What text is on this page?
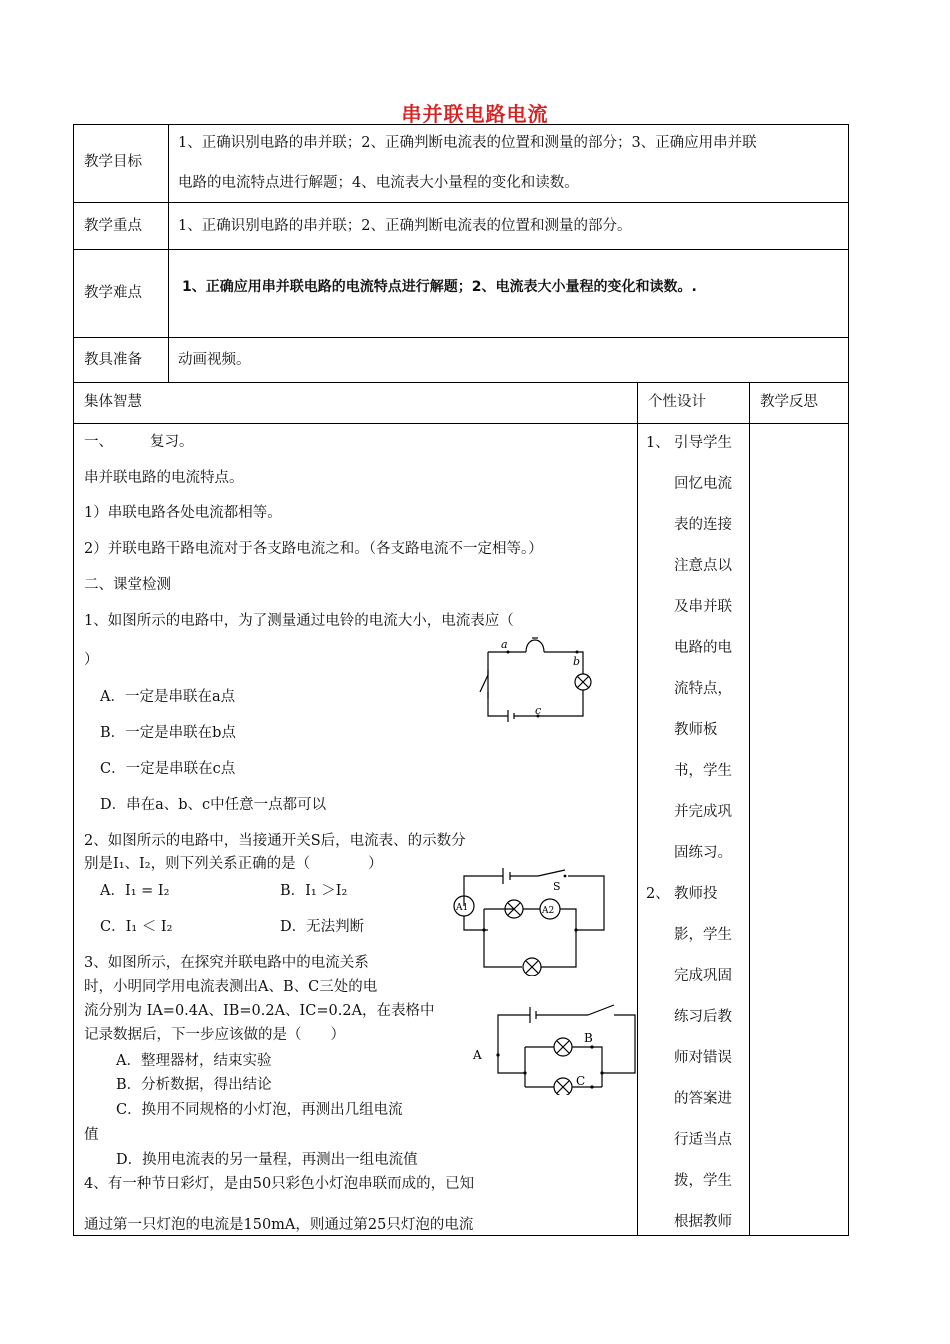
串并联电路电流
教学目标
1、正确识别电路的串并联；2、正确判断电流表的位置和测量的部分；3、正确应用串并联
电路的电流特点进行解题；4、电流表大小量程的变化和读数。
教学重点 1、正确识别电路的串并联；2、正确判断电流表的位置和测量的部分。
教学难点	1、正确应用串并联电路的电流特点进行解题；2、电流表大小量程的变化和读数。.
教具准备 动画视频。
集体智慧	个性设计	教学反思
一、	复习。
串并联电路的电流特点。
1）串联电路各处电流都相等。
2）并联电路干路电流对于各支路电流之和。（各支路电流不一定相等。）
二、课堂检测
1、如图所示的电路中，为了测量通过电铃的电流大小，电流表应（
）
A．一定是串联在a点
B．一定是串联在b点
C．一定是串联在c点
D．串在a、b、c中任意一点都可以
2、如图所示的电路中，当接通开关S后，电流表、的示数分
别是I₁、I₂，则下列关系正确的是（　　　　）
A．I₁ = I₂	B．I₁ ＞I₂
C．I₁ ＜ I₂	D．无法判断
3、如图所示，在探究并联电路中的电流关系
时，小明同学用电流表测出A、B、C三处的电
流分别为 IA=0.4A、IB=0.2A、IC=0.2A，在表格中
记录数据后，下一步应该做的是（　　）
A．整理器材，结束实验
B．分析数据，得出结论
C．换用不同规格的小灯泡，再测出几组电流
值
D．换用电流表的另一量程，再测出一组电流值
4、有一种节日彩灯，是由50只彩色小灯泡串联而成的，已知
通过第一只灯泡的电流是150mA，则通过第25只灯泡的电流
1、 引导学生
回忆电流
表的连接
注意点以
及串并联
电路的电
流特点，
教师板
书，学生
并完成巩
固练习。
2、 教师投
影，学生
完成巩固
练习后教
师对错误
的答案进
行适当点
拨，学生
根据教师
a
b
c
S
A1	A2
A
B
C
